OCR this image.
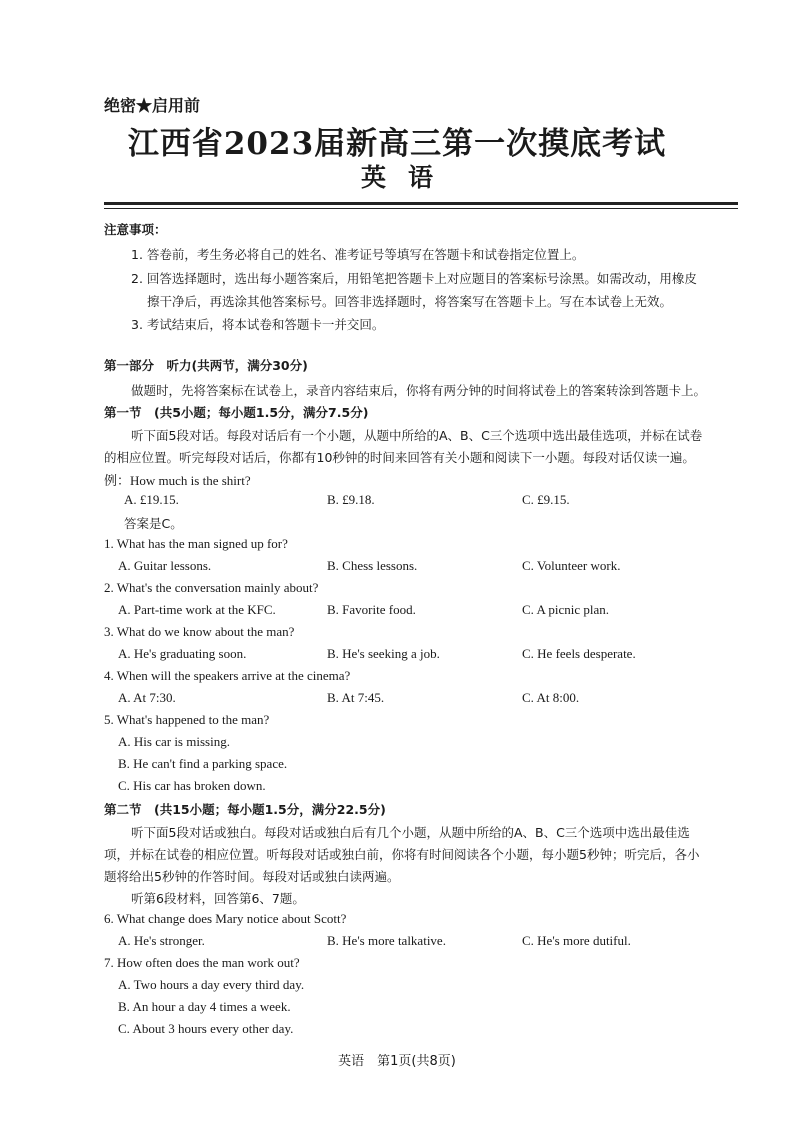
绝密★启用前
江西省2023届新高三第一次摸底考试
英语
注意事项：
1. 答卷前，考生务必将自己的姓名、准考证号等填写在答题卡和试卷指定位置上。
2. 回答选择题时，选出每小题答案后，用铅笔把答题卡上对应题目的答案标号涂黑。如需改动，用橡皮
擦干净后，再选涂其他答案标号。回答非选择题时，将答案写在答题卡上。写在本试卷上无效。
3. 考试结束后，将本试卷和答题卡一并交回。
第一部分　听力(共两节，满分30分)
做题时，先将答案标在试卷上，录音内容结束后，你将有两分钟的时间将试卷上的答案转涂到答题卡上。
第一节　(共5小题；每小题1.5分，满分7.5分)
听下面5段对话。每段对话后有一个小题，从题中所给的A、B、C三个选项中选出最佳选项，并标在试卷
的相应位置。听完每段对话后，你都有10秒钟的时间来回答有关小题和阅读下一小题。每段对话仅读一遍。
例：How much is the shirt?
A. £19.15.	B. £9.18.	C. £9.15.
答案是C。
1. What has the man signed up for?
A. Guitar lessons.	B. Chess lessons.	C. Volunteer work.
2. What's the conversation mainly about?
A. Part-time work at the KFC.	B. Favorite food.	C. A picnic plan.
3. What do we know about the man?
A. He's graduating soon.	B. He's seeking a job.	C. He feels desperate.
4. When will the speakers arrive at the cinema?
A. At 7:30.	B. At 7:45.	C. At 8:00.
5. What's happened to the man?
A. His car is missing.
B. He can't find a parking space.
C. His car has broken down.
第二节　(共15小题；每小题1.5分，满分22.5分)
听下面5段对话或独白。每段对话或独白后有几个小题，从题中所给的A、B、C三个选项中选出最佳选
项，并标在试卷的相应位置。听每段对话或独白前，你将有时间阅读各个小题，每小题5秒钟；听完后，各小
题将给出5秒钟的作答时间。每段对话或独白读两遍。
听第6段材料，回答第6、7题。
6. What change does Mary notice about Scott?
A. He's stronger.	B. He's more talkative.	C. He's more dutiful.
7. How often does the man work out?
A. Two hours a day every third day.
B. An hour a day 4 times a week.
C. About 3 hours every other day.
英语　第1页(共8页)
